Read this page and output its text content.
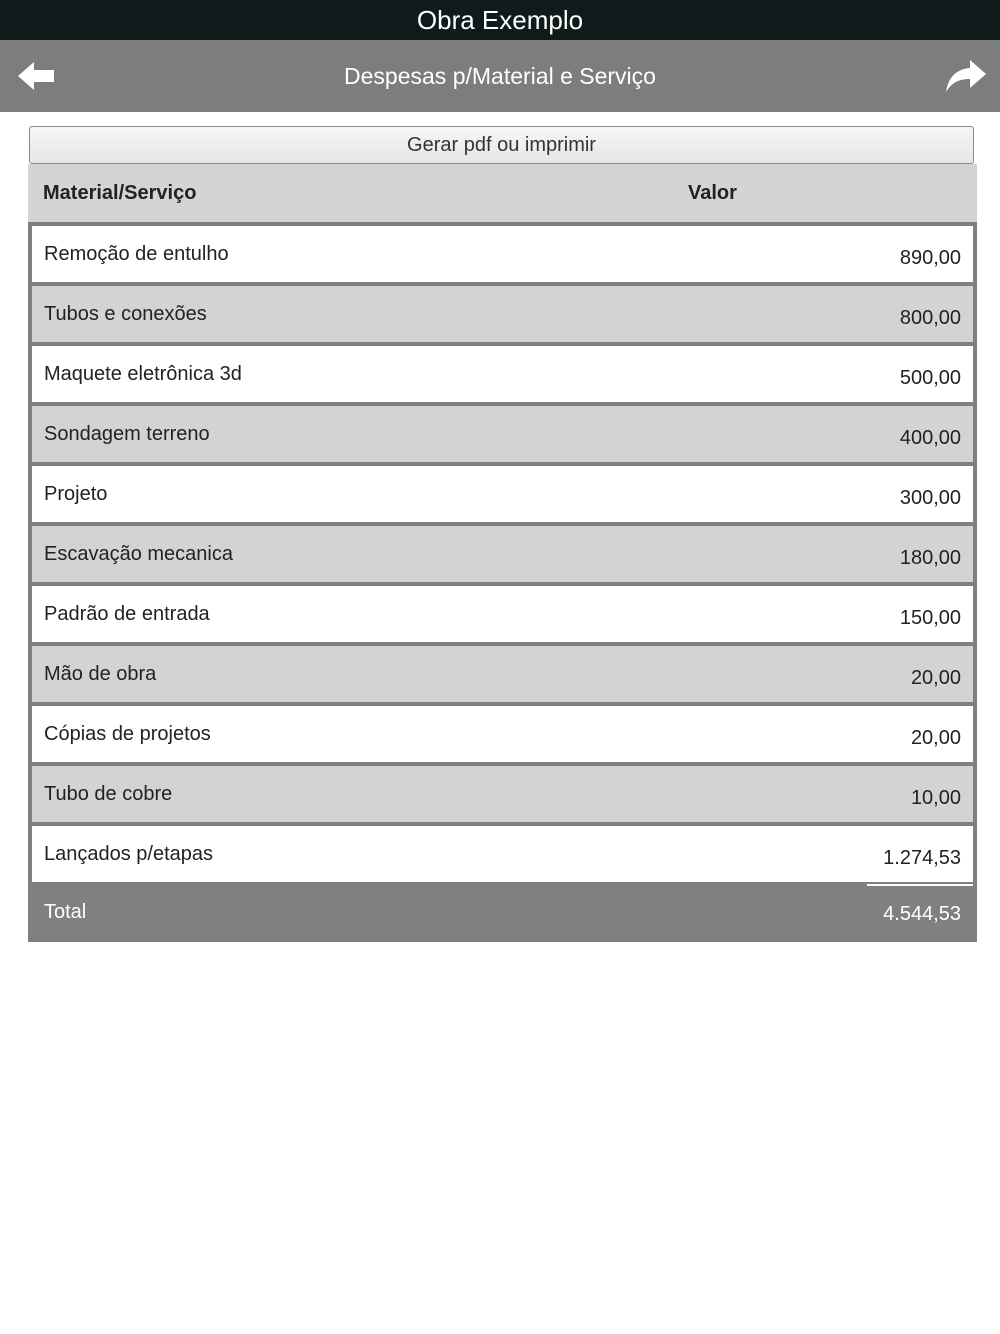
Obra Exemplo
Despesas p/Material e Serviço
Gerar pdf ou imprimir
Material/Serviço	Valor
Remoção de entulho	890,00
Tubos e conexões	800,00
Maquete eletrônica 3d	500,00
Sondagem terreno	400,00
Projeto	300,00
Escavação mecanica	180,00
Padrão de entrada	150,00
Mão de obra	20,00
Cópias de projetos	20,00
Tubo de cobre	10,00
Lançados p/etapas	1.274,53
Total	4.544,53
